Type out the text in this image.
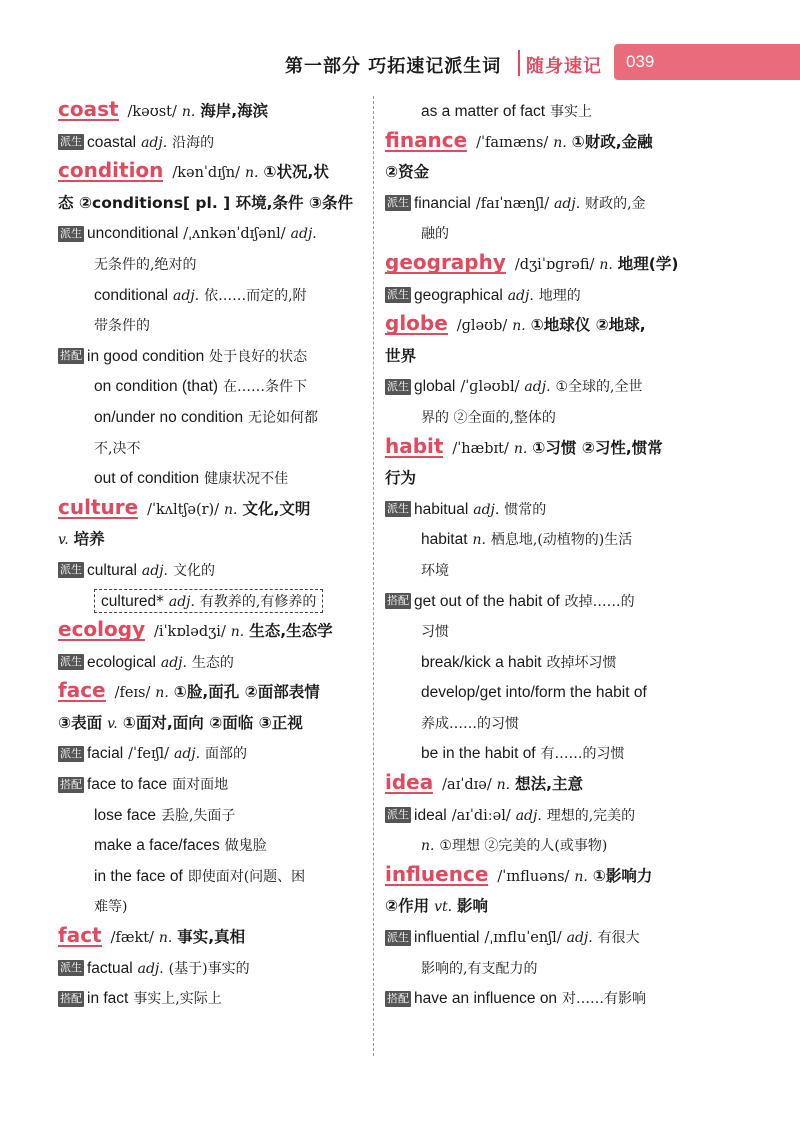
第一部分 巧拓速记派生词 随身速记 039
coast /kəʊst/ n. 海岸,海滨
派生 coastal adj. 沿海的
condition /kənˈdɪʃn/ n. ①状况,状
态 ②conditions[ pl. ] 环境,条件 ③条件
派生 unconditional /ˌʌnkənˈdɪʃənl/ adj.
无条件的,绝对的
conditional adj. 依……而定的,附
带条件的
搭配 in good condition 处于良好的状态
on condition (that) 在……条件下
on/under no condition 无论如何都
不,决不
out of condition 健康状况不佳
culture /ˈkʌltʃə(r)/ n. 文化,文明
v. 培养
派生 cultural adj. 文化的
cultured* adj. 有教养的,有修养的
ecology /iˈkɒlədʒi/ n. 生态,生态学
派生 ecological adj. 生态的
face /feɪs/ n. ①脸,面孔 ②面部表情
③表面 v. ①面对,面向 ②面临 ③正视
派生 facial /ˈfeɪʃl/ adj. 面部的
搭配 face to face 面对面地
lose face 丢脸,失面子
make a face/faces 做鬼脸
in the face of 即使面对(问题、困
难等)
fact /fækt/ n. 事实,真相
派生 factual adj. (基于)事实的
搭配 in fact 事实上,实际上
as a matter of fact 事实上
finance /ˈfaɪnæns/ n. ①财政,金融
②资金
派生 financial /faɪˈnænʃl/ adj. 财政的,金
融的
geography /dʒiˈɒɡrəfi/ n. 地理(学)
派生 geographical adj. 地理的
globe /ɡləʊb/ n. ①地球仪 ②地球,
世界
派生 global /ˈɡləʊbl/ adj. ①全球的,全世
界的 ②全面的,整体的
habit /ˈhæbɪt/ n. ①习惯 ②习性,惯常
行为
派生 habitual adj. 惯常的
habitat n. 栖息地,(动植物的)生活
环境
搭配 get out of the habit of 改掉……的
习惯
break/kick a habit 改掉坏习惯
develop/get into/form the habit of
养成……的习惯
be in the habit of 有……的习惯
idea /aɪˈdɪə/ n. 想法,主意
派生 ideal /aɪˈdiːəl/ adj. 理想的,完美的
n. ①理想 ②完美的人(或事物)
influence /ˈɪnfluəns/ n. ①影响力
②作用 vt. 影响
派生 influential /ˌɪnfluˈenʃl/ adj. 有很大
影响的,有支配力的
搭配 have an influence on 对……有影响
